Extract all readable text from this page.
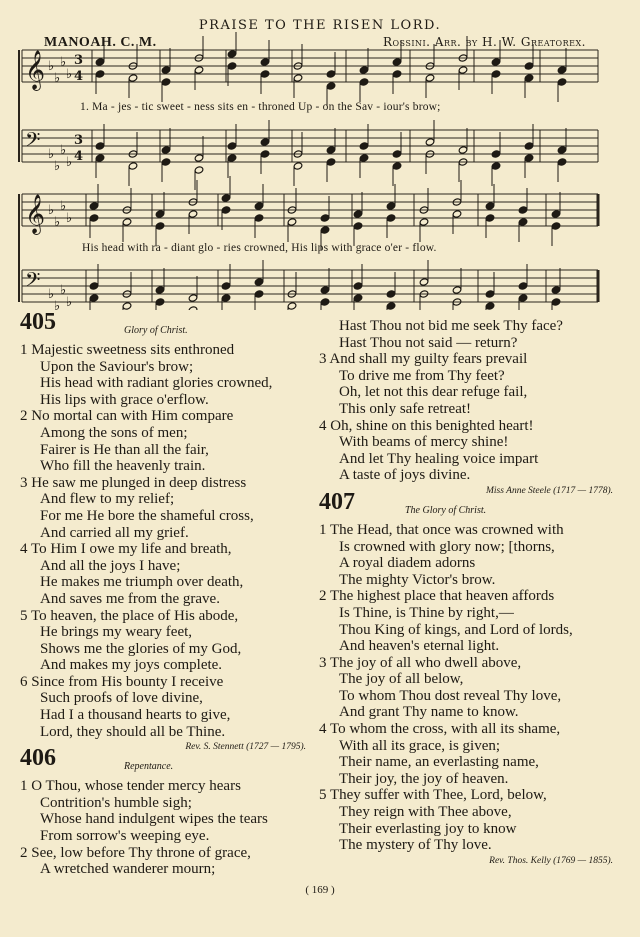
PRAISE TO THE RISEN LORD.
MANOAH. C. M.	Rossini. Arr. by H. W. Greatorex.
𝄞 ♭
♭
♭
♭
3
4
𝄢 ♭
♭
♭
♭
3
4
𝄞 ♭
♭
♭
♭
𝄢 ♭
♭
♭
♭
1. Ma - jes - tic sweet - ness sits en - throned Up - on the Sav - iour's brow;
His head with ra - diant glo - ries crowned, His lips with grace o'er - flow.
405	Glory of Christ.
1 Majestic sweetness sits enthroned
Upon the Saviour's brow;
His head with radiant glories crowned,
His lips with grace o'erflow.
2 No mortal can with Him compare
Among the sons of men;
Fairer is He than all the fair,
Who fill the heavenly train.
3 He saw me plunged in deep distress
And flew to my relief;
For me He bore the shameful cross,
And carried all my grief.
4 To Him I owe my life and breath,
And all the joys I have;
He makes me triumph over death,
And saves me from the grave.
5 To heaven, the place of His abode,
He brings my weary feet,
Shows me the glories of my God,
And makes my joys complete.
6 Since from His bounty I receive
Such proofs of love divine,
Had I a thousand hearts to give,
Lord, they should all be Thine.
Rev. S. Stennett (1727 — 1795).
406	Repentance.
1 O Thou, whose tender mercy hears
Contrition's humble sigh;
Whose hand indulgent wipes the tears
From sorrow's weeping eye.
2 See, low before Thy throne of grace,
A wretched wanderer mourn;
Hast Thou not bid me seek Thy face?
Hast Thou not said — return?
3 And shall my guilty fears prevail
To drive me from Thy feet?
Oh, let not this dear refuge fail,
This only safe retreat!
4 Oh, shine on this benighted heart!
With beams of mercy shine!
And let Thy healing voice impart
A taste of joys divine.
Miss Anne Steele (1717 — 1778).
407	The Glory of Christ.
1 The Head, that once was crowned with
Is crowned with glory now; [thorns,
A royal diadem adorns
The mighty Victor's brow.
2 The highest place that heaven affords
Is Thine, is Thine by right,—
Thou King of kings, and Lord of lords,
And heaven's eternal light.
3 The joy of all who dwell above,
The joy of all below,
To whom Thou dost reveal Thy love,
And grant Thy name to know.
4 To whom the cross, with all its shame,
With all its grace, is given;
Their name, an everlasting name,
Their joy, the joy of heaven.
5 They suffer with Thee, Lord, below,
They reign with Thee above,
Their everlasting joy to know
The mystery of Thy love.
Rev. Thos. Kelly (1769 — 1855).
( 169 )
